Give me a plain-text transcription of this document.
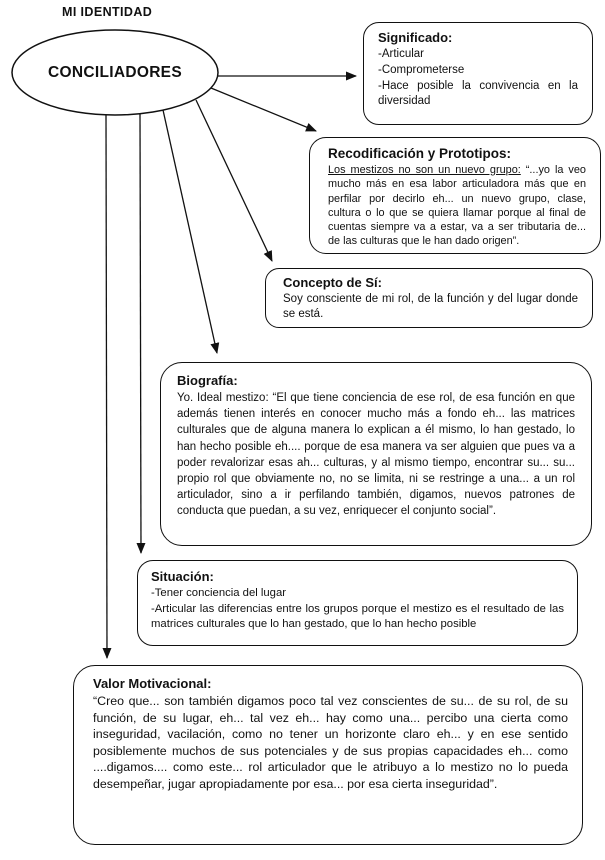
MI IDENTIDAD
CONCILIADORES
Significado:
-Articular
-Comprometerse
-Hace posible la convivencia en la diversidad
Recodificación y Prototipos:
Los mestizos no son un nuevo grupo: “...yo la veo mucho más en esa labor articuladora más que en perfilar por decirlo eh... un nuevo grupo, clase, cultura o lo que se quiera llamar porque al final de cuentas siempre va a estar, va a ser tributaria de... de las culturas que le han dado origen”.
Concepto de Sí:
Soy consciente de mi rol, de la función y del lugar donde se está.
Biografía:
Yo. Ideal mestizo: “El que tiene conciencia de ese rol, de esa función en que además tienen interés en conocer mucho más a fondo eh... las matrices culturales que de alguna manera lo explican a él mismo, lo han gestado, lo han hecho posible eh.... porque de esa manera va ser alguien que pues va a poder revalorizar esas ah... culturas, y al mismo tiempo, encontrar su... su... propio rol que obviamente no, no se limita, ni se restringe a una... a un rol articulador, sino a ir perfilando también, digamos, nuevos patrones de conducta que puedan, a su vez, enriquecer el conjunto social”.
Situación:
-Tener conciencia del lugar
-Articular las diferencias entre los grupos porque el mestizo es el resultado de las matrices culturales que lo han gestado, que lo han hecho posible
Valor Motivacional:
“Creo que... son también digamos poco tal vez conscientes de su... de su rol, de su función, de su lugar, eh... tal vez eh... hay como una... percibo una cierta como inseguridad, vacilación, como no tener un horizonte claro eh... y en ese sentido posiblemente muchos de sus potenciales y de sus propias capacidades eh... como ....digamos.... como este... rol articulador que le atribuyo a lo mestizo no lo pueda desempeñar, jugar apropiadamente por esa... por esa cierta inseguridad”.
